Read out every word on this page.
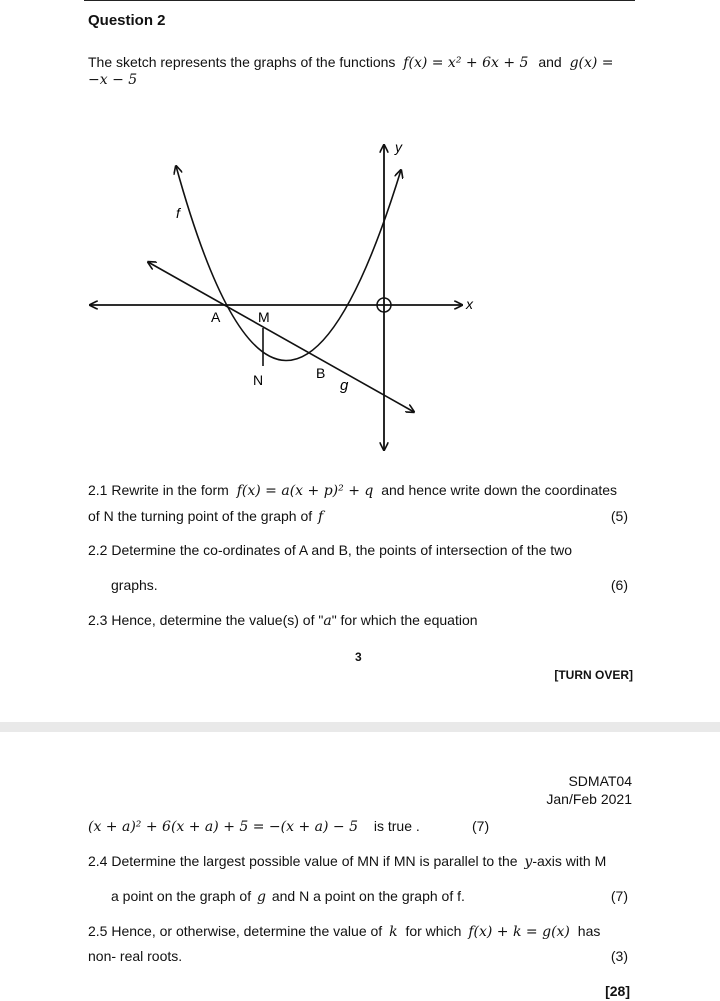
Question 2
The sketch represents the graphs of the functions f(x) = x² + 6x + 5 and g(x) =
−x − 5
y
x
f
g
A	M
N	B
2.1 Rewrite in the form f(x) = a(x + p)² + q and hence write down the coordinates
of N the turning point of the graph of f	(5)
2.2 Determine the co-ordinates of A and B, the points of intersection of the two
graphs.	(6)
2.3 Hence, determine the value(s) of "a" for which the equation
3
[TURN OVER]
SDMAT04
Jan/Feb 2021
(x + a)² + 6(x + a) + 5 = −(x + a) − 5 is true .	(7)
2.4 Determine the largest possible value of MN if MN is parallel to the y-axis with M
a point on the graph of g and N a point on the graph of f.	(7)
2.5 Hence, or otherwise, determine the value of k for which f(x) + k = g(x) has
non- real roots.	(3)
[28]
